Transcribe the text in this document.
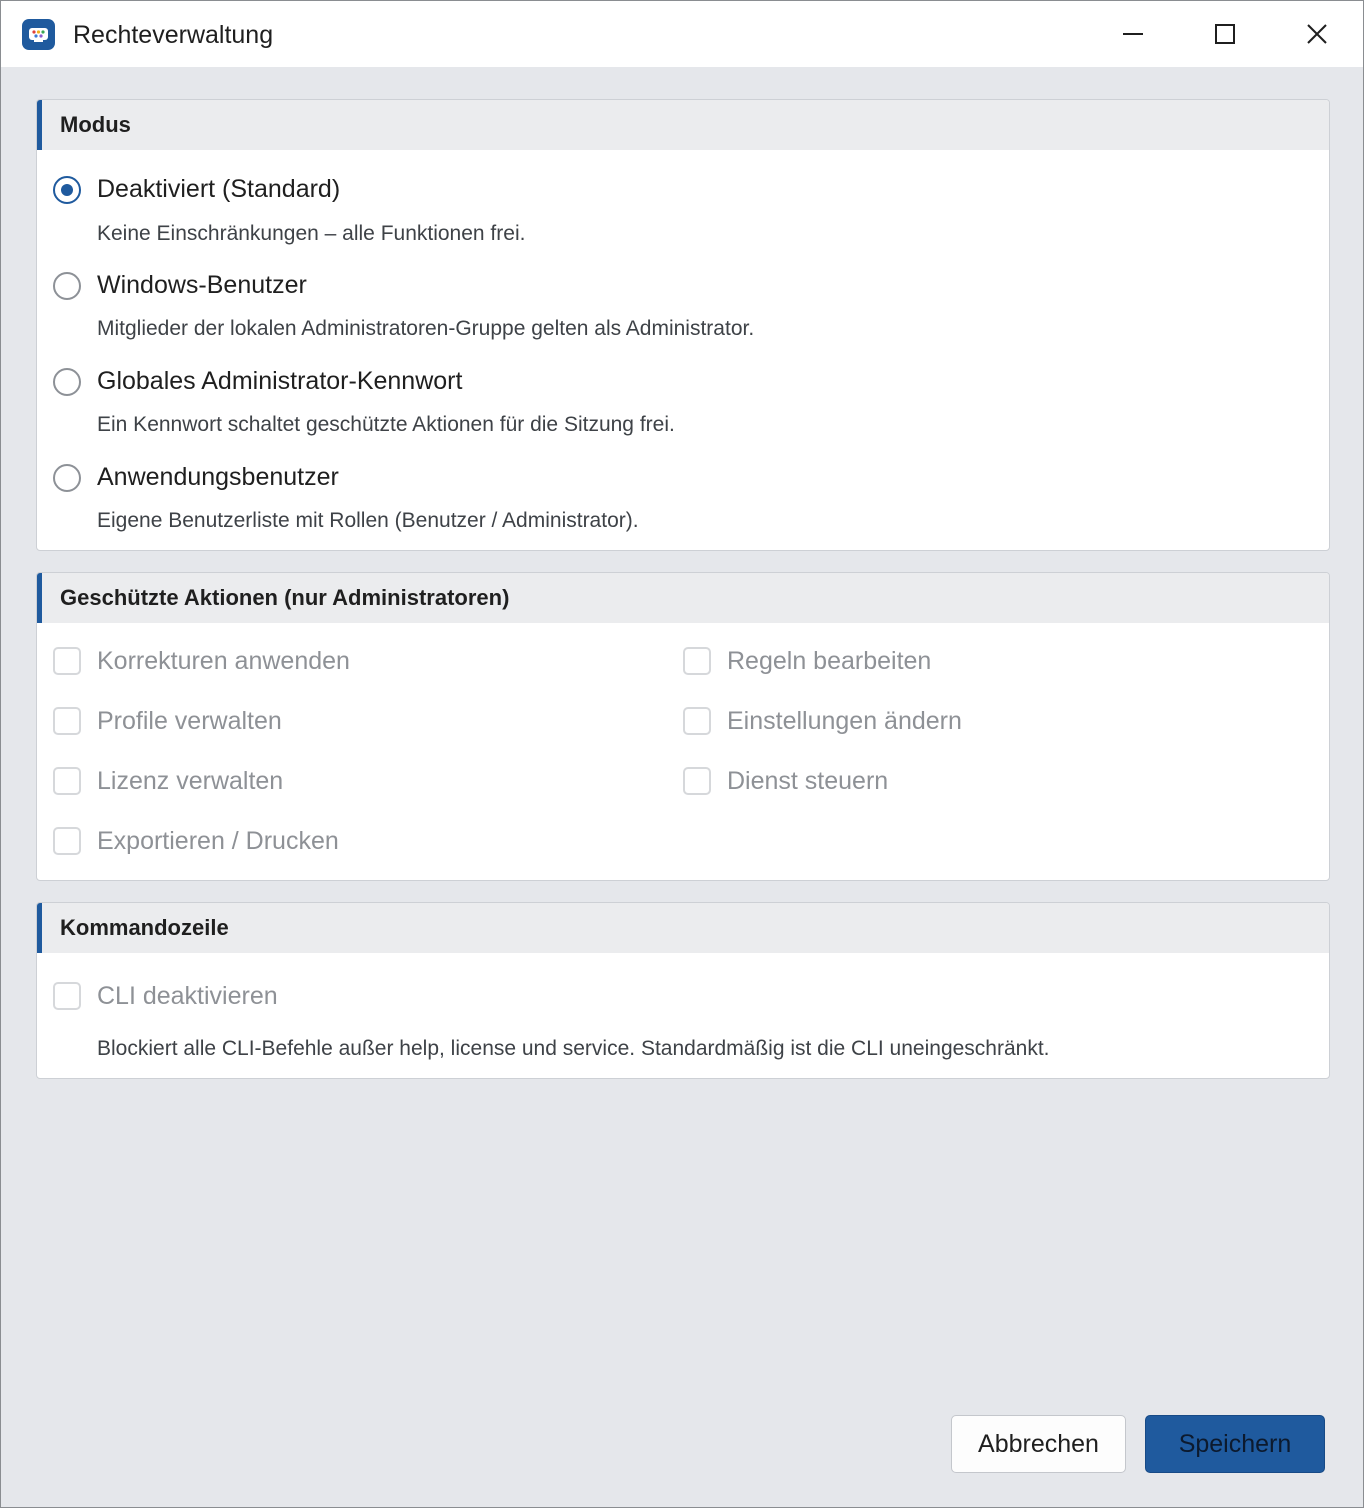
Rechteverwaltung
Modus
Deaktiviert (Standard)
Keine Einschränkungen – alle Funktionen frei.
Windows-Benutzer
Mitglieder der lokalen Administratoren-Gruppe gelten als Administrator.
Globales Administrator-Kennwort
Ein Kennwort schaltet geschützte Aktionen für die Sitzung frei.
Anwendungsbenutzer
Eigene Benutzerliste mit Rollen (Benutzer / Administrator).
Geschützte Aktionen (nur Administratoren)
Korrekturen anwenden	Regeln bearbeiten
Profile verwalten	Einstellungen ändern
Lizenz verwalten	Dienst steuern
Exportieren / Drucken
Kommandozeile
CLI deaktivieren
Blockiert alle CLI-Befehle außer help, license und service. Standardmäßig ist die CLI uneingeschränkt.
Abbrechen	Speichern
